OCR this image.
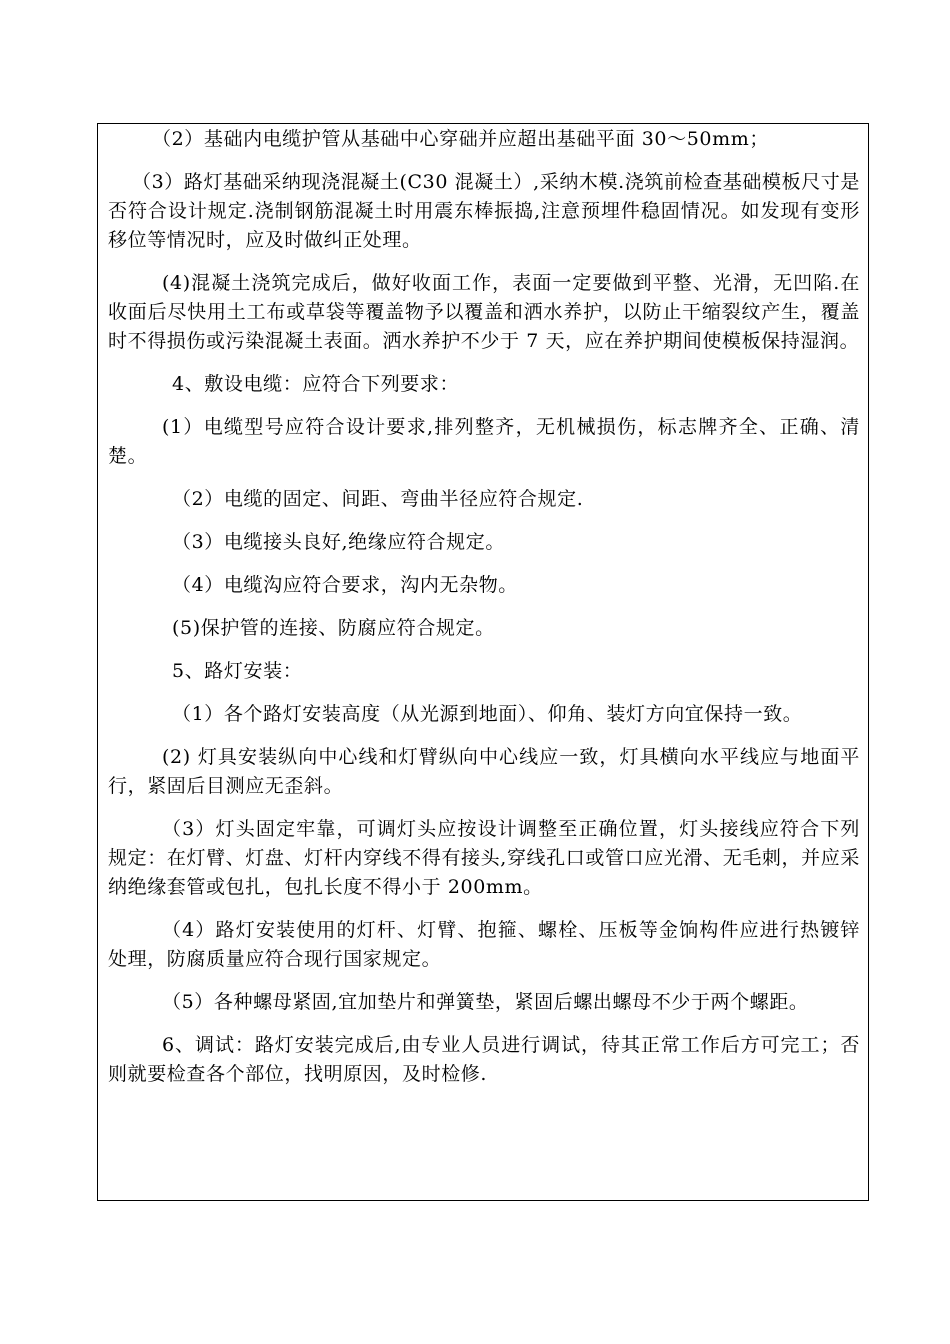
（2）基础内电缆护管从基础中心穿础并应超出基础平面 30～50mm；

（3）路灯基础采纳现浇混凝土(C30 混凝土）,采纳木模.浇筑前检查基础模板尺寸是否符合设计规定.浇制钢筋混凝土时用震东棒振捣,注意预埋件稳固情况。如发现有变形移位等情况时，应及时做纠正处理。

(4)混凝土浇筑完成后，做好收面工作，表面一定要做到平整、光滑，无凹陷.在收面后尽快用土工布或草袋等覆盖物予以覆盖和洒水养护，以防止干缩裂纹产生，覆盖时不得损伤或污染混凝土表面。洒水养护不少于 7 天，应在养护期间使模板保持湿润。

4、敷设电缆：应符合下列要求：

(1）电缆型号应符合设计要求,排列整齐，无机械损伤，标志牌齐全、正确、清楚。

（2）电缆的固定、间距、弯曲半径应符合规定.

（3）电缆接头良好,绝缘应符合规定。

（4）电缆沟应符合要求，沟内无杂物。

(5)保护管的连接、防腐应符合规定。

5、路灯安装：

（1）各个路灯安装高度（从光源到地面）、仰角、装灯方向宜保持一致。

(2) 灯具安装纵向中心线和灯臂纵向中心线应一致，灯具横向水平线应与地面平行，紧固后目测应无歪斜。

（3）灯头固定牢靠，可调灯头应按设计调整至正确位置，灯头接线应符合下列规定：在灯臂、灯盘、灯杆内穿线不得有接头,穿线孔口或管口应光滑、无毛刺，并应采纳绝缘套管或包扎，包扎长度不得小于 200mm。

（4）路灯安装使用的灯杆、灯臂、抱箍、螺栓、压板等金饷构件应进行热镀锌处理，防腐质量应符合现行国家规定。

（5）各种螺母紧固,宜加垫片和弹簧垫，紧固后螺出螺母不少于两个螺距。

6、调试：路灯安装完成后,由专业人员进行调试，待其正常工作后方可完工；否则就要检查各个部位，找明原因，及时检修.
